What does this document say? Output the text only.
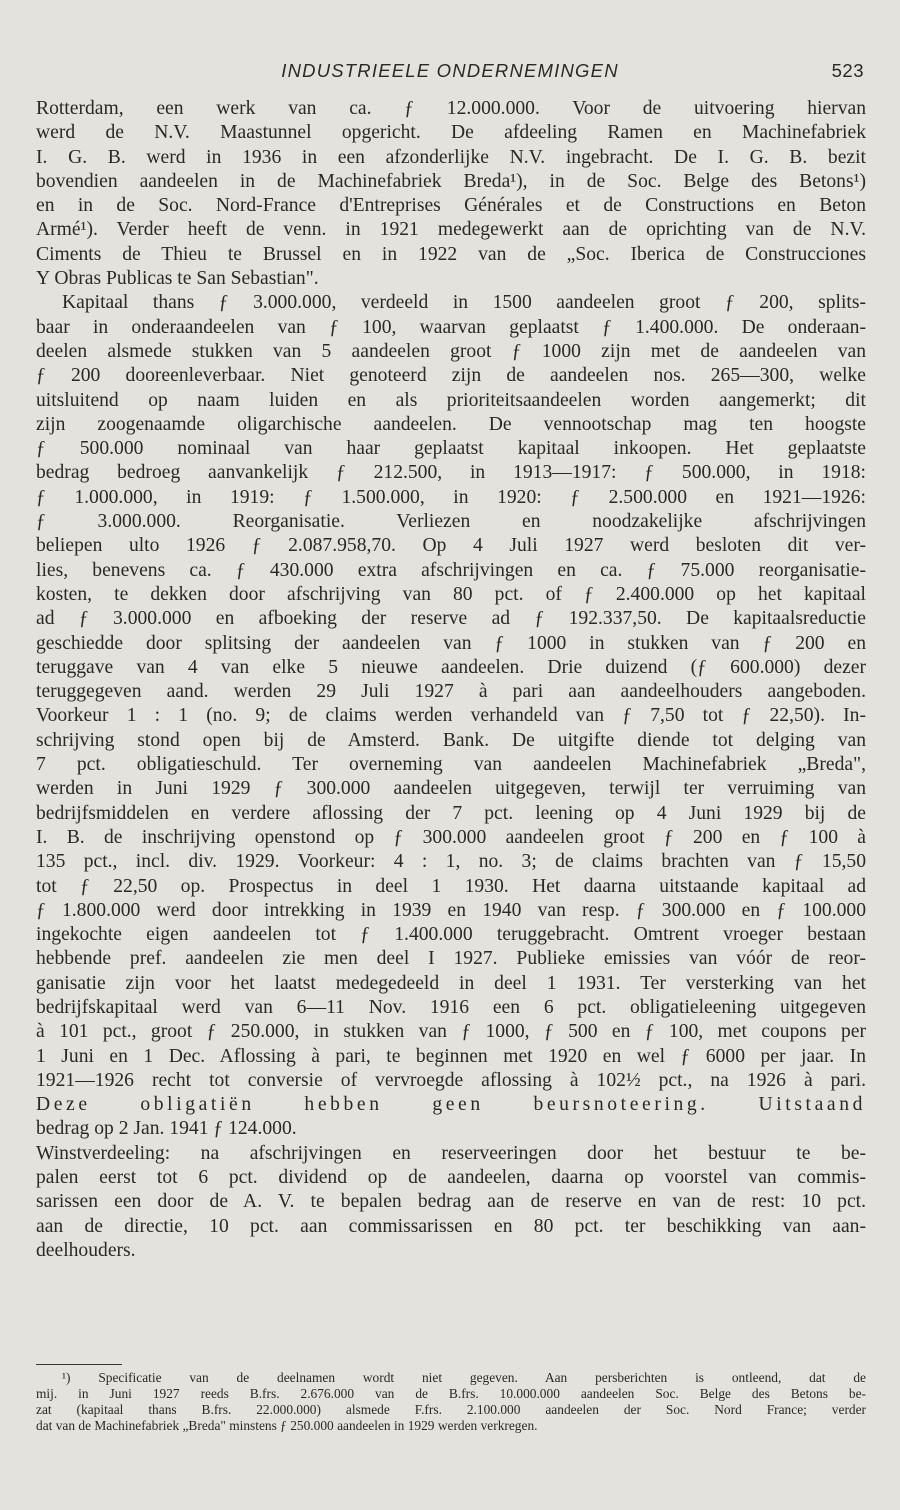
INDUSTRIEELE ONDERNEMINGEN	523
Rotterdam, een werk van ca. ƒ 12.000.000. Voor de uitvoering hiervan
werd de N.V. Maastunnel opgericht. De afdeeling Ramen en Machinefabriek
I. G. B. werd in 1936 in een afzonderlijke N.V. ingebracht. De I. G. B. bezit
bovendien aandeelen in de Machinefabriek Breda¹), in de Soc. Belge des Betons¹)
en in de Soc. Nord-France d'Entreprises Générales et de Constructions en Beton
Armé¹). Verder heeft de venn. in 1921 medegewerkt aan de oprichting van de N.V.
Ciments de Thieu te Brussel en in 1922 van de „Soc. Iberica de Construcciones
Y Obras Publicas te San Sebastian".
Kapitaal thans ƒ 3.000.000, verdeeld in 1500 aandeelen groot ƒ 200, splits-
baar in onderaandeelen van ƒ 100, waarvan geplaatst ƒ 1.400.000. De onderaan-
deelen alsmede stukken van 5 aandeelen groot ƒ 1000 zijn met de aandeelen van
ƒ 200 dooreenleverbaar. Niet genoteerd zijn de aandeelen nos. 265—300, welke
uitsluitend op naam luiden en als prioriteitsaandeelen worden aangemerkt; dit
zijn zoogenaamde oligarchische aandeelen. De vennootschap mag ten hoogste
ƒ 500.000 nominaal van haar geplaatst kapitaal inkoopen. Het geplaatste
bedrag bedroeg aanvankelijk ƒ 212.500, in 1913—1917: ƒ 500.000, in 1918:
ƒ 1.000.000, in 1919: ƒ 1.500.000, in 1920: ƒ 2.500.000 en 1921—1926:
ƒ 3.000.000. Reorganisatie. Verliezen en noodzakelijke afschrijvingen
beliepen ulto 1926 ƒ 2.087.958,70. Op 4 Juli 1927 werd besloten dit ver-
lies, benevens ca. ƒ 430.000 extra afschrijvingen en ca. ƒ 75.000 reorganisatie-
kosten, te dekken door afschrijving van 80 pct. of ƒ 2.400.000 op het kapitaal
ad ƒ 3.000.000 en afboeking der reserve ad ƒ 192.337,50. De kapitaalsreductie
geschiedde door splitsing der aandeelen van ƒ 1000 in stukken van ƒ 200 en
teruggave van 4 van elke 5 nieuwe aandeelen. Drie duizend (ƒ 600.000) dezer
teruggegeven aand. werden 29 Juli 1927 à pari aan aandeelhouders aangeboden.
Voorkeur 1 : 1 (no. 9; de claims werden verhandeld van ƒ 7,50 tot ƒ 22,50). In-
schrijving stond open bij de Amsterd. Bank. De uitgifte diende tot delging van
7 pct. obligatieschuld. Ter overneming van aandeelen Machinefabriek „Breda",
werden in Juni 1929 ƒ 300.000 aandeelen uitgegeven, terwijl ter verruiming van
bedrijfsmiddelen en verdere aflossing der 7 pct. leening op 4 Juni 1929 bij de
I. B. de inschrijving openstond op ƒ 300.000 aandeelen groot ƒ 200 en ƒ 100 à
135 pct., incl. div. 1929. Voorkeur: 4 : 1, no. 3; de claims brachten van ƒ 15,50
tot ƒ 22,50 op. Prospectus in deel 1 1930. Het daarna uitstaande kapitaal ad
ƒ 1.800.000 werd door intrekking in 1939 en 1940 van resp. ƒ 300.000 en ƒ 100.000
ingekochte eigen aandeelen tot ƒ 1.400.000 teruggebracht. Omtrent vroeger bestaan
hebbende pref. aandeelen zie men deel I 1927. Publieke emissies van vóór de reor-
ganisatie zijn voor het laatst medegedeeld in deel 1 1931. Ter versterking van het
bedrijfskapitaal werd van 6—11 Nov. 1916 een 6 pct. obligatieleening uitgegeven
à 101 pct., groot ƒ 250.000, in stukken van ƒ 1000, ƒ 500 en ƒ 100, met coupons per
1 Juni en 1 Dec. Aflossing à pari, te beginnen met 1920 en wel ƒ 6000 per jaar. In
1921—1926 recht tot conversie of vervroegde aflossing à 102½ pct., na 1926 à pari.
Deze obligatiën hebben geen beursnoteering. Uitstaand
bedrag op 2 Jan. 1941 ƒ 124.000.
Winstverdeeling: na afschrijvingen en reserveeringen door het bestuur te be-
palen eerst tot 6 pct. dividend op de aandeelen, daarna op voorstel van commis-
sarissen een door de A. V. te bepalen bedrag aan de reserve en van de rest: 10 pct.
aan de directie, 10 pct. aan commissarissen en 80 pct. ter beschikking van aan-
deelhouders.
¹) Specificatie van de deelnamen wordt niet gegeven. Aan persberichten is ontleend, dat de
mij. in Juni 1927 reeds B.frs. 2.676.000 van de B.frs. 10.000.000 aandeelen Soc. Belge des Betons be-
zat (kapitaal thans B.frs. 22.000.000) alsmede F.frs. 2.100.000 aandeelen der Soc. Nord France; verder
dat van de Machinefabriek „Breda" minstens ƒ 250.000 aandeelen in 1929 werden verkregen.
